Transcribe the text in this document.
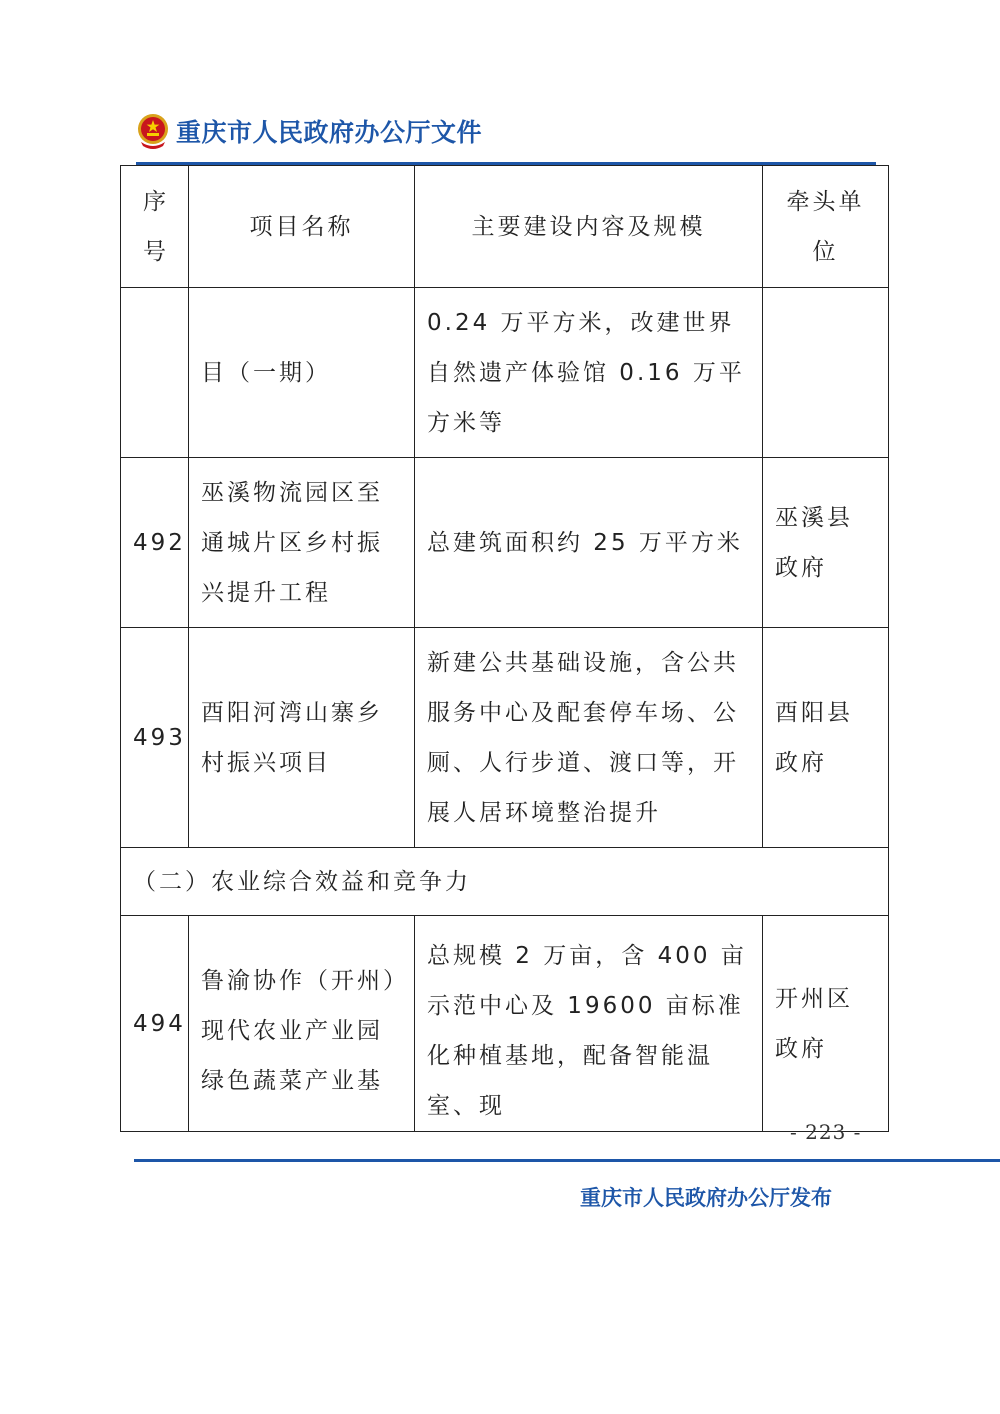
重庆市人民政府办公厅文件
序号	项目名称	主要建设内容及规模	牵头单位
	目（一期）	0.24 万平方米，改建世界自然遗产体验馆 0.16 万平方米等	
492	巫溪物流园区至通城片区乡村振兴提升工程	总建筑面积约 25 万平方米	巫溪县政府
493	酉阳河湾山寨乡村振兴项目	新建公共基础设施，含公共服务中心及配套停车场、公厕、人行步道、渡口等，开展人居环境整治提升	酉阳县政府
（二）农业综合效益和竞争力			
494	鲁渝协作（开州）现代农业产业园绿色蔬菜产业基	总规模 2 万亩，含 400 亩示范中心及 19600 亩标准化种植基地，配备智能温室、现	开州区政府
- 223 -
重庆市人民政府办公厅发布
